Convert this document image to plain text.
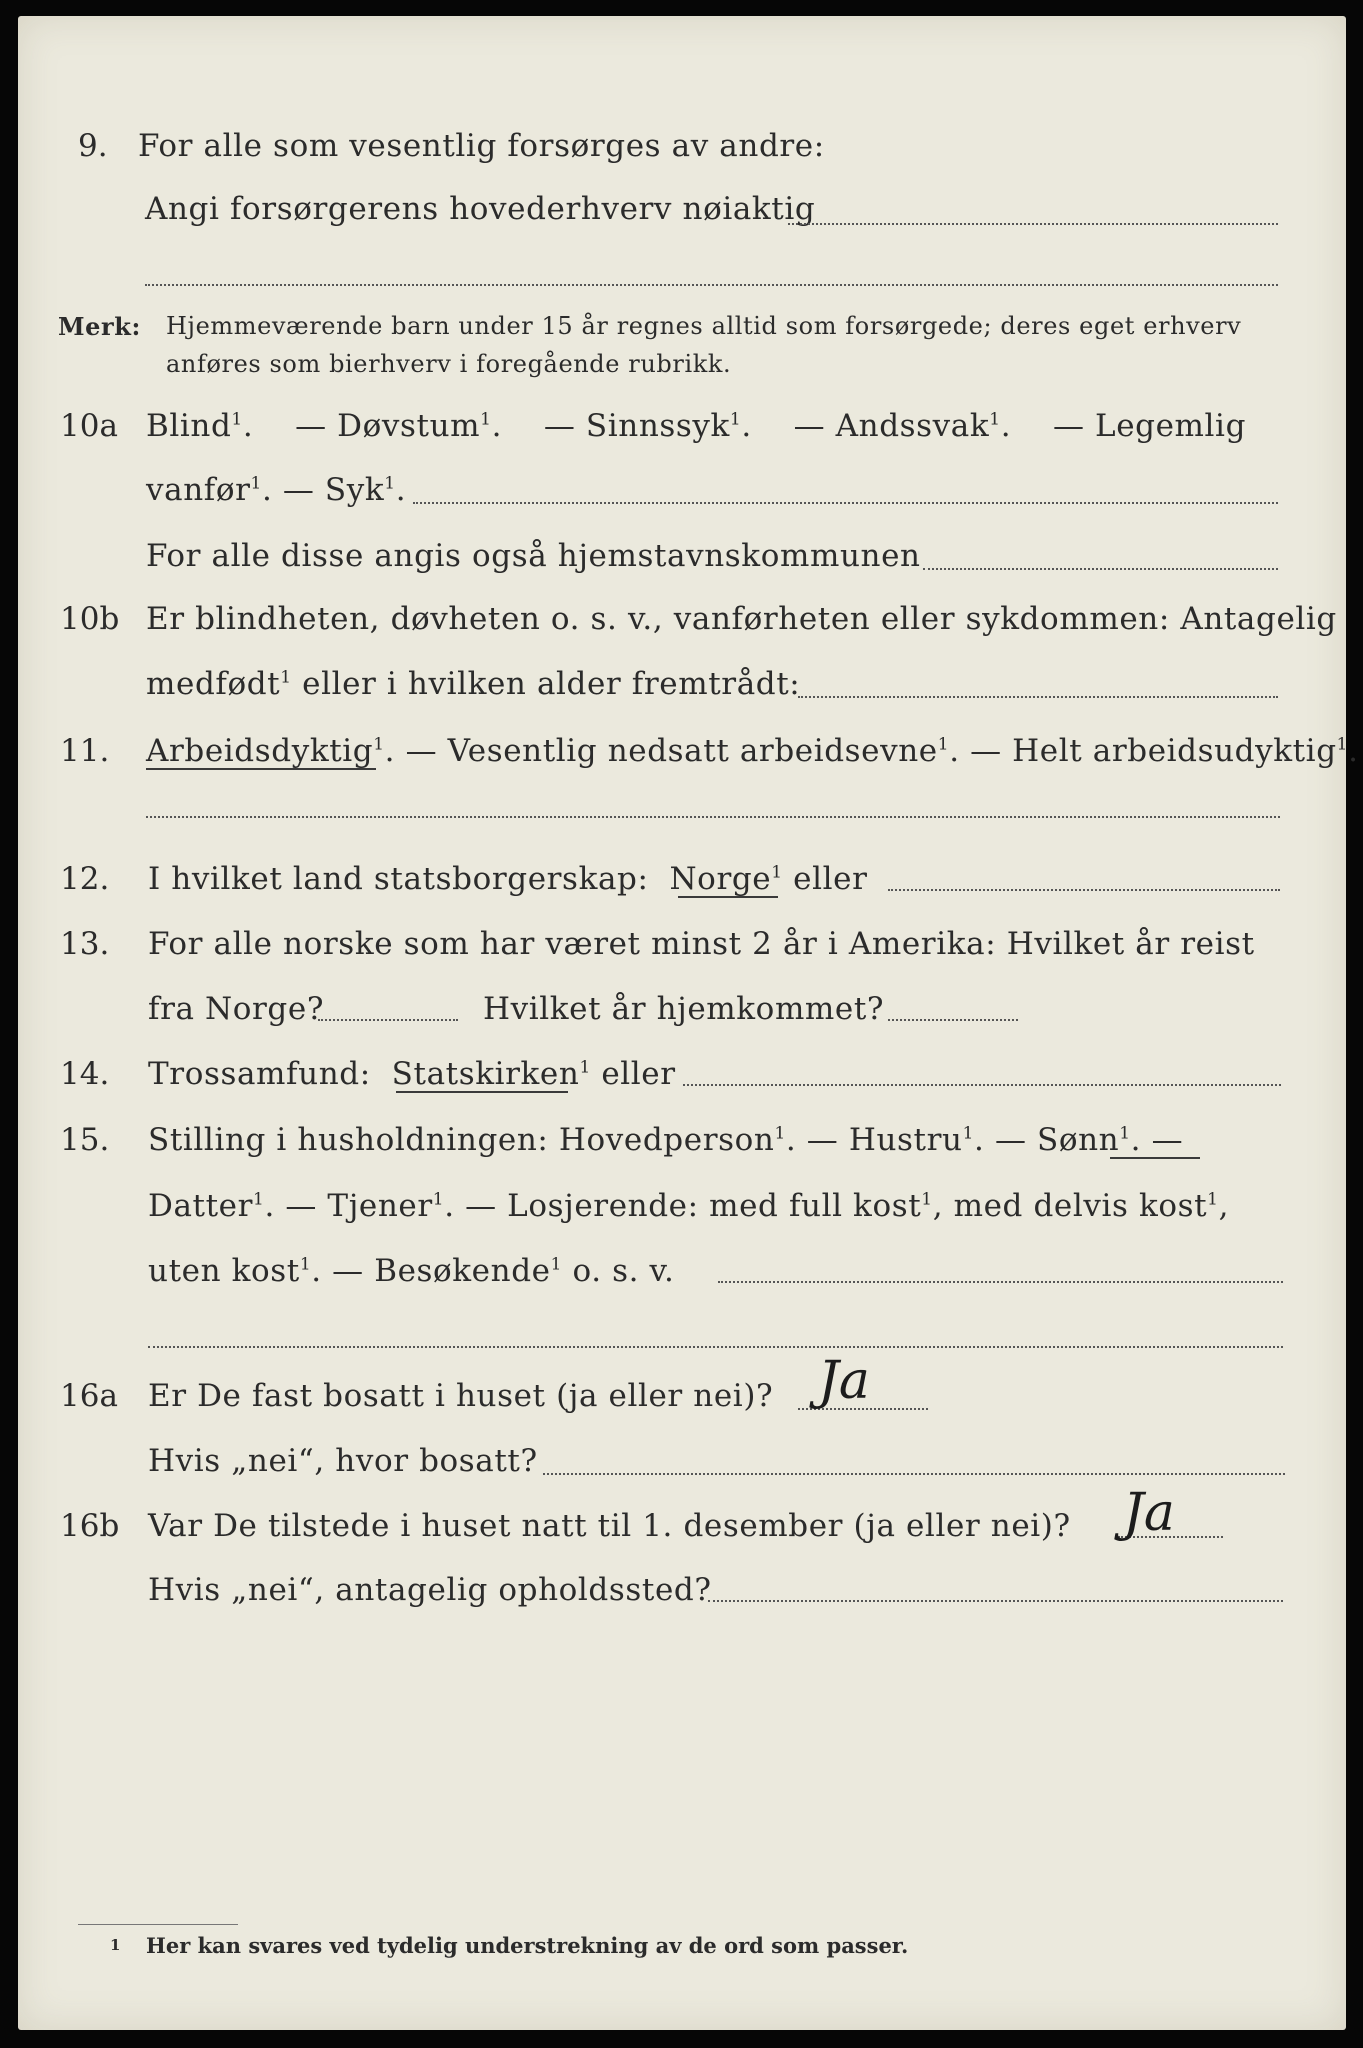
9. For alle som vesentlig forsørges av andre:
Angi forsørgerens hovederhverv nøiaktig
Merk: Hjemmeværende barn under 15 år regnes alltid som forsørgede; deres eget erhverv
anføres som bierhverv i foregående rubrikk.
10a Blind$^1$.    — Døvstum$^1$.    — Sinnssyk$^1$.    — Andssvak$^1$.    — Legemlig
vanfør$^1$. — Syk$^1$.
For alle disse angis også hjemstavnskommunen
10b Er blindheten, døvheten o. s. v., vanførheten eller sykdommen: Antagelig
medfødt$^1$ eller i hvilken alder fremtrådt:
11. Arbeidsdyktig$^1$. — Vesentlig nedsatt arbeidsevne$^1$. — Helt arbeidsudyktig$^1$.
12. I hvilket land statsborgerskap: Norge$^1$ eller
13. For alle norske som har været minst 2 år i Amerika: Hvilket år reist
fra Norge?	Hvilket år hjemkommet?
14. Trossamfund: Statskirken$^1$ eller
15. Stilling i husholdningen: Hovedperson$^1$. — Hustru$^1$. — Sønn$^1$. —
Datter$^1$. — Tjener$^1$. — Losjerende: med full kost$^1$, med delvis kost$^1$,
uten kost$^1$. — Besøkende$^1$ o. s. v.
16a Er De fast bosatt i huset (ja eller nei)? Ja
Hvis „nei“, hvor bosatt?
16b Var De tilstede i huset natt til 1. desember (ja eller nei)? Ja
Hvis „nei“, antagelig opholdssted?
1 Her kan svares ved tydelig understrekning av de ord som passer.
